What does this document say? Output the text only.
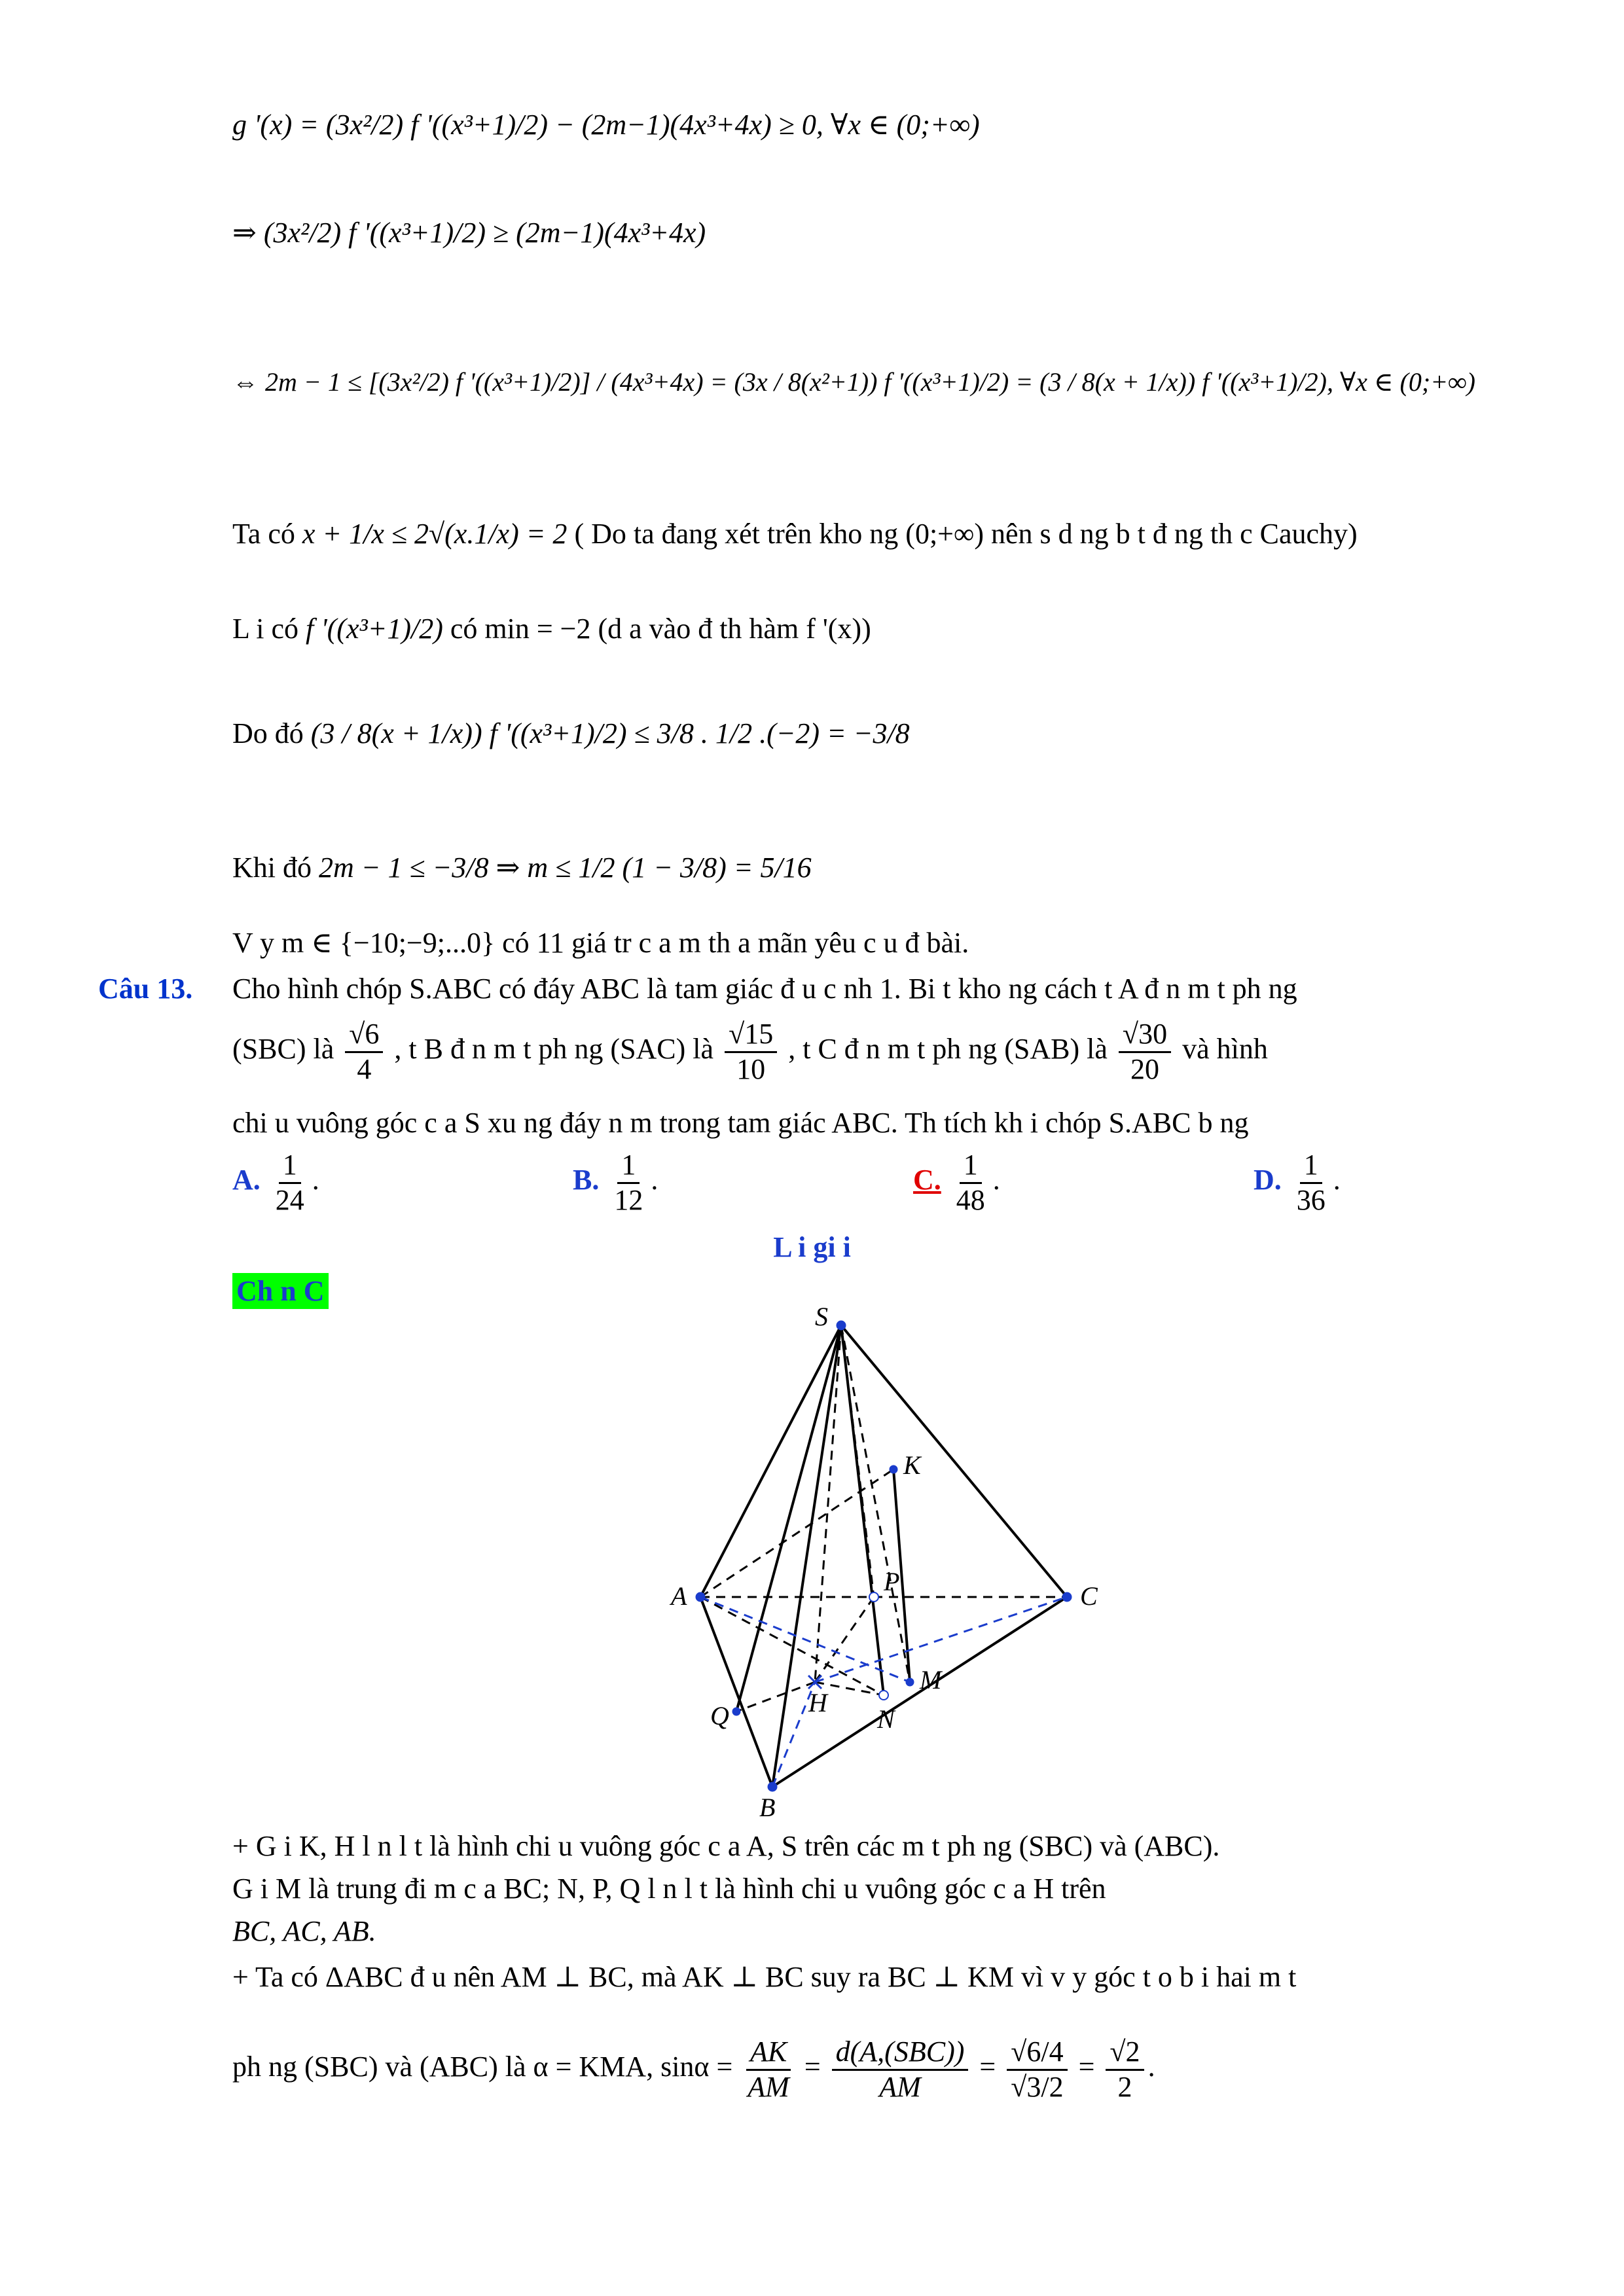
g '(x) = (3x²/2) f '((x³+1)/2) − (2m−1)(4x³+4x) ≥ 0, ∀x ∈ (0;+∞)
⇒ (3x²/2) f '((x³+1)/2) ≥ (2m−1)(4x³+4x)
⇔ 2m − 1 ≤ [(3x²/2) f '((x³+1)/2)] / (4x³+4x) = (3x / 8(x²+1)) f '((x³+1)/2) = (3 / 8(x + 1/x)) f '((x³+1)/2), ∀x ∈ (0;+∞)
Ta có x + 1/x ≤ 2√(x.1/x) = 2 ( Do ta đang xét trên kho ng (0;+∞) nên s d ng b t đ ng th c Cauchy)
L i có f '((x³+1)/2) có min = −2 (d a vào đ th hàm f '(x))
Do đó (3 / 8(x + 1/x)) f '((x³+1)/2) ≤ 3/8 . 1/2 .(−2) = −3/8
Khi đó 2m − 1 ≤ −3/8 ⇒ m ≤ 1/2 (1 − 3/8) = 5/16
V y m ∈ {−10;−9;...0} có 11 giá tr c a m th a mãn yêu c u đ bài.
Câu 13. Cho hình chóp S.ABC có đáy ABC là tam giác đ u c nh 1. Bi t kho ng cách t A đ n m t ph ng
(SBC) là $\frac{√6}{4}$ , t B đ n m t ph ng (SAC) là $\frac{√15}{10}$ , t C đ n m t ph ng (SAB) là $\frac{√30}{20}$ và hình
chi u vuông góc c a S xu ng đáy n m trong tam giác ABC. Th tích kh i chóp S.ABC b ng
A. $\frac{1}{24}$ .	B. $\frac{1}{12}$ .	C. $\frac{1}{48}$ .	D. $\frac{1}{36}$ .
L i gi i
Ch n C
S
A
B
C
K
P
H
M
N
Q
+ G i K, H l n l t là hình chi u vuông góc c a A, S trên các m t ph ng (SBC) và (ABC).
G i M là trung đi m c a BC; N, P, Q l n l t là hình chi u vuông góc c a H trên
BC, AC, AB.
+ Ta có ΔABC đ u nên AM ⊥ BC, mà AK ⊥ BC suy ra BC ⊥ KM vì v y góc t o b i hai m t
ph ng (SBC) và (ABC) là α = KMA, $\sin\alpha = \frac{AK}{AM} = \frac{\text{d(A,(SBC))}}{AM} = \frac{√6/4}{√3/2} = \frac{√2}{2}$ .
